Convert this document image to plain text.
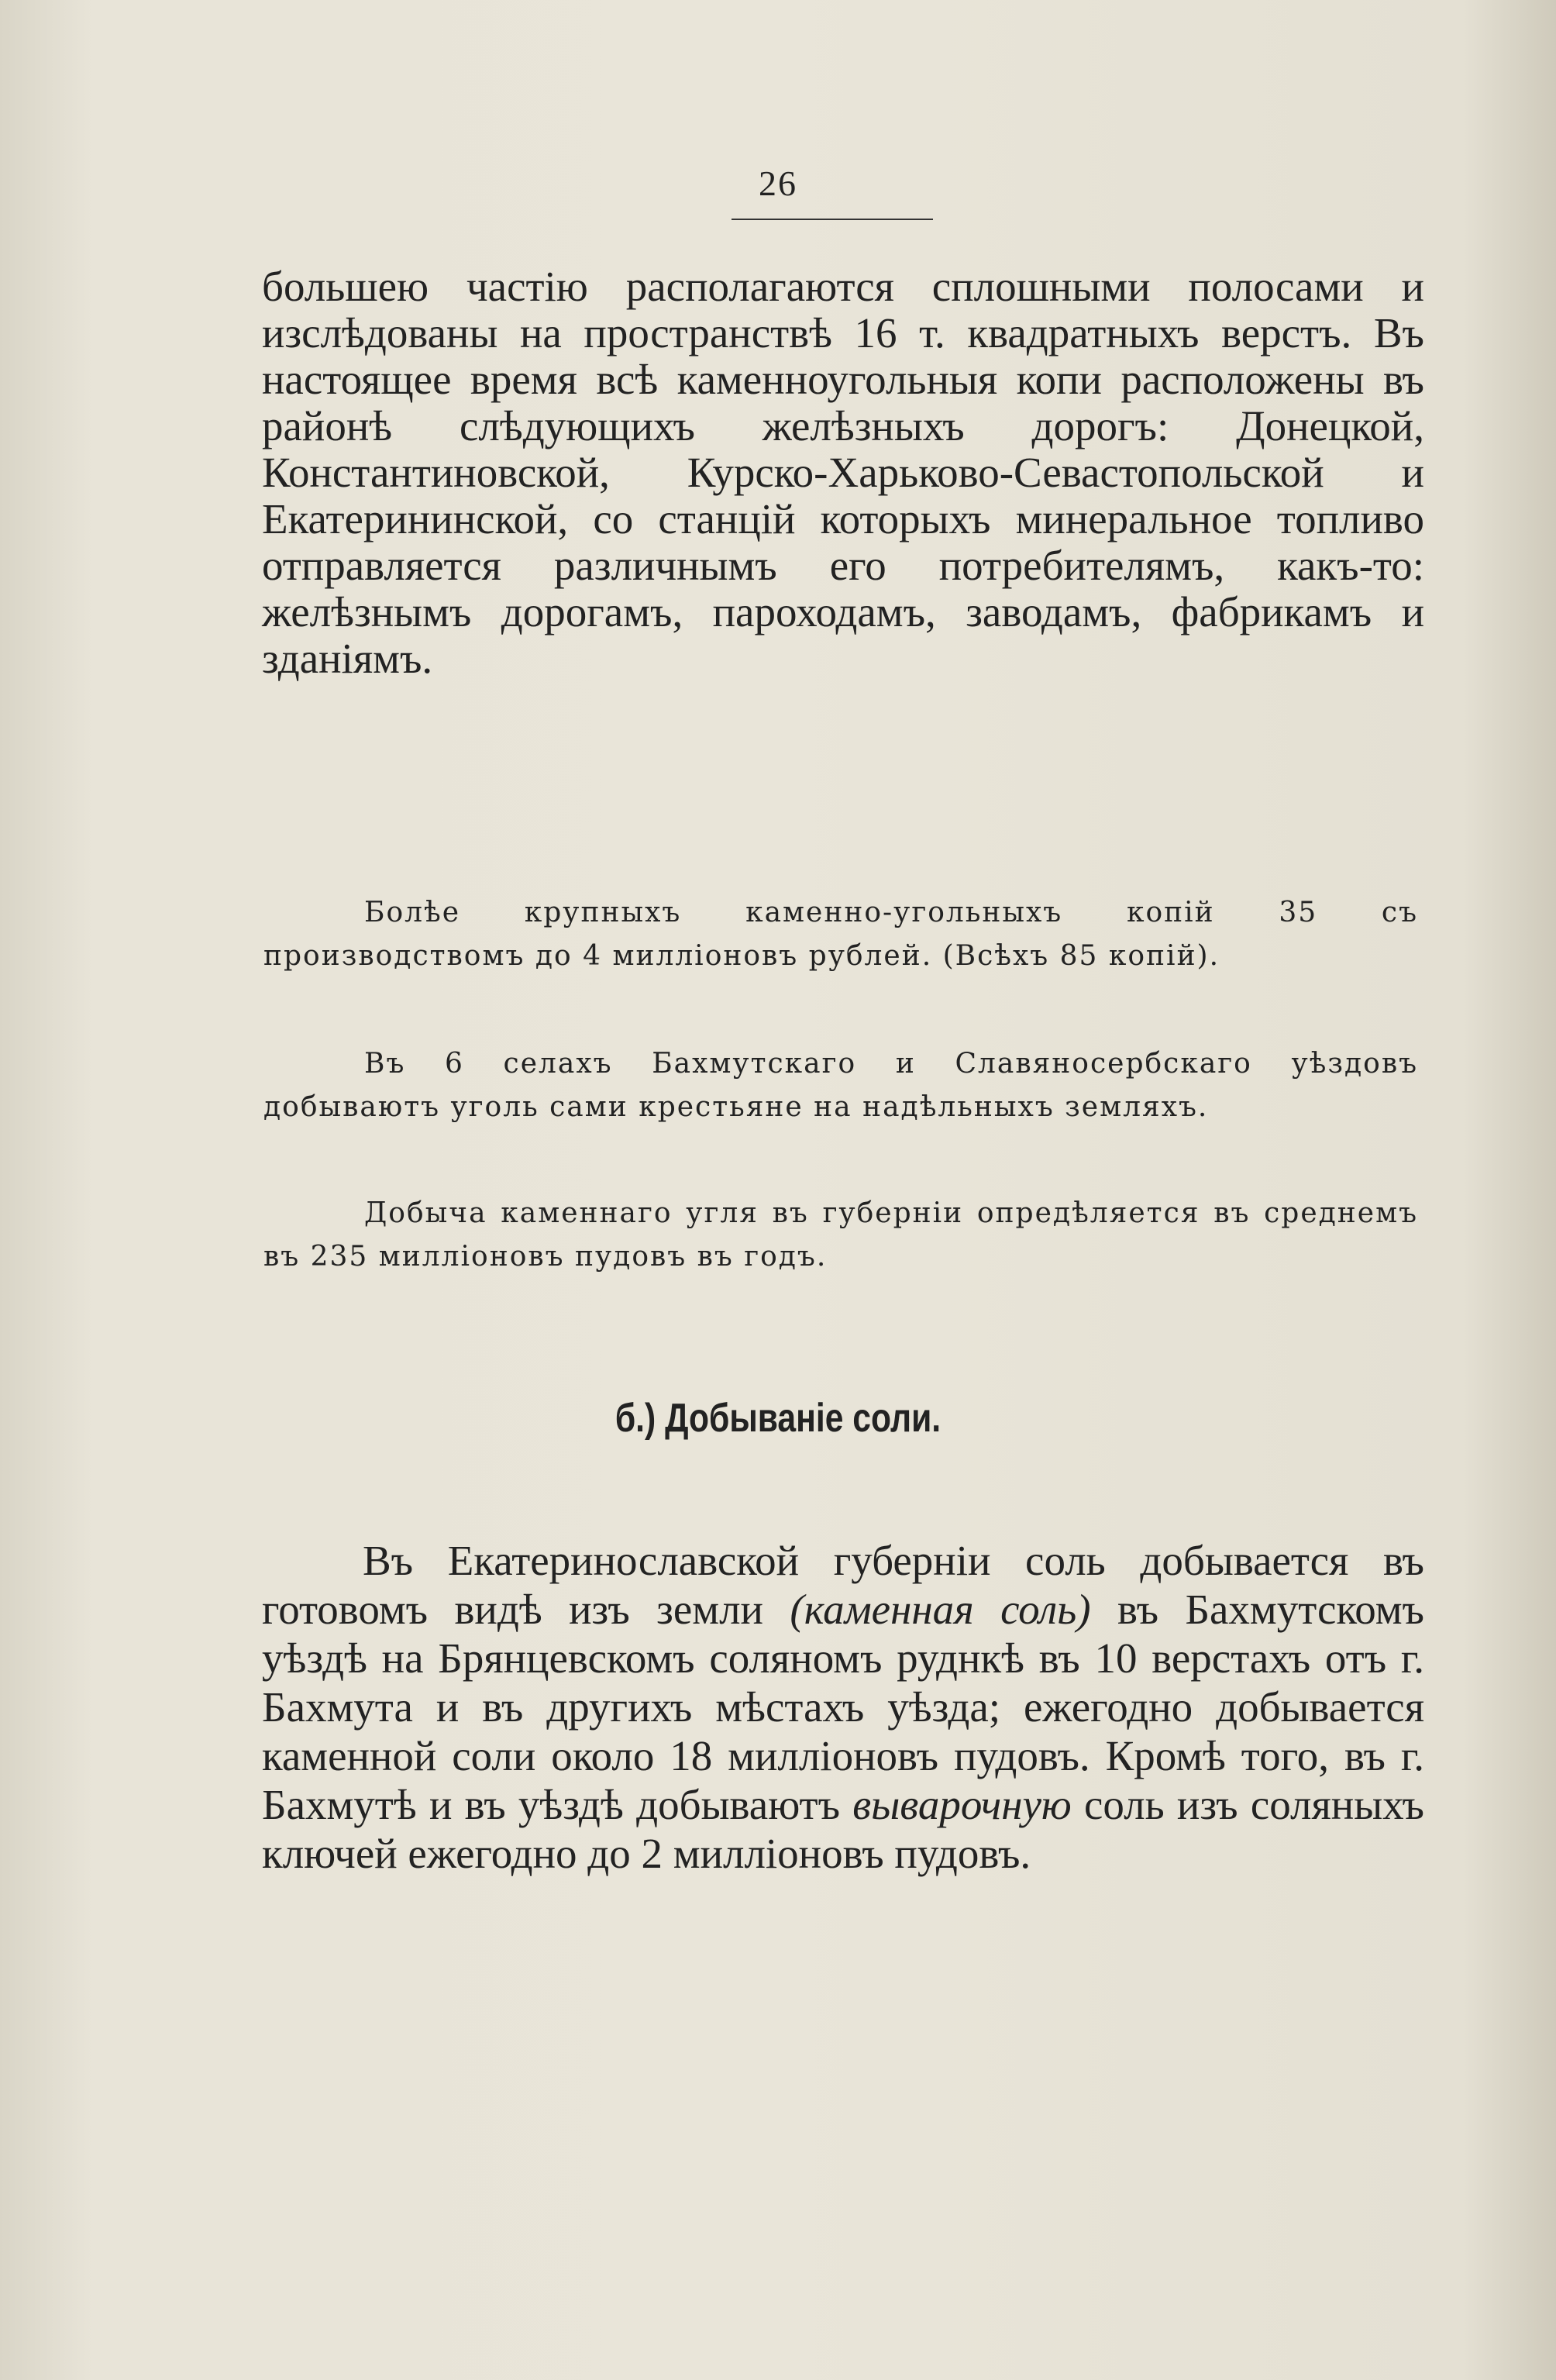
26

большею частію располагаются сплошными полосами и изслѣдованы на пространствѣ 16 т. квадратныхъ верстъ. Въ настоящее время всѣ каменноугольныя копи расположены въ районѣ слѣдующихъ желѣзныхъ дорогъ: Донецкой, Константиновской, Курско-Харьково-Севастопольской и Екатерининской, со станцій которыхъ минеральное топливо отправляется различнымъ его потребителямъ, какъ-то: желѣзнымъ дорогамъ, пароходамъ, заводамъ, фабрикамъ и зданіямъ.

Болѣе крупныхъ каменно-угольныхъ копій 35 съ производствомъ до 4 милліоновъ рублей. (Всѣхъ 85 копій).

Въ 6 селахъ Бахмутскаго и Славяносербскаго уѣздовъ добываютъ уголь сами крестьяне на надѣльныхъ земляхъ.

Добыча каменнаго угля въ губерніи опредѣляется въ среднемъ въ 235 милліоновъ пудовъ въ годъ.

б.) Добываніе соли.

Въ Екатеринославской губерніи соль добывается въ готовомъ видѣ изъ земли (каменная соль) въ Бахмутскомъ уѣздѣ на Брянцевскомъ соляномъ руднкѣ въ 10 верстахъ отъ г. Бахмута и въ другихъ мѣстахъ уѣзда; ежегодно добывается каменной соли около 18 милліоновъ пудовъ. Кромѣ того, въ г. Бахмутѣ и въ уѣздѣ добываютъ выварочную соль изъ соляныхъ ключей ежегодно до 2 милліоновъ пудовъ.
